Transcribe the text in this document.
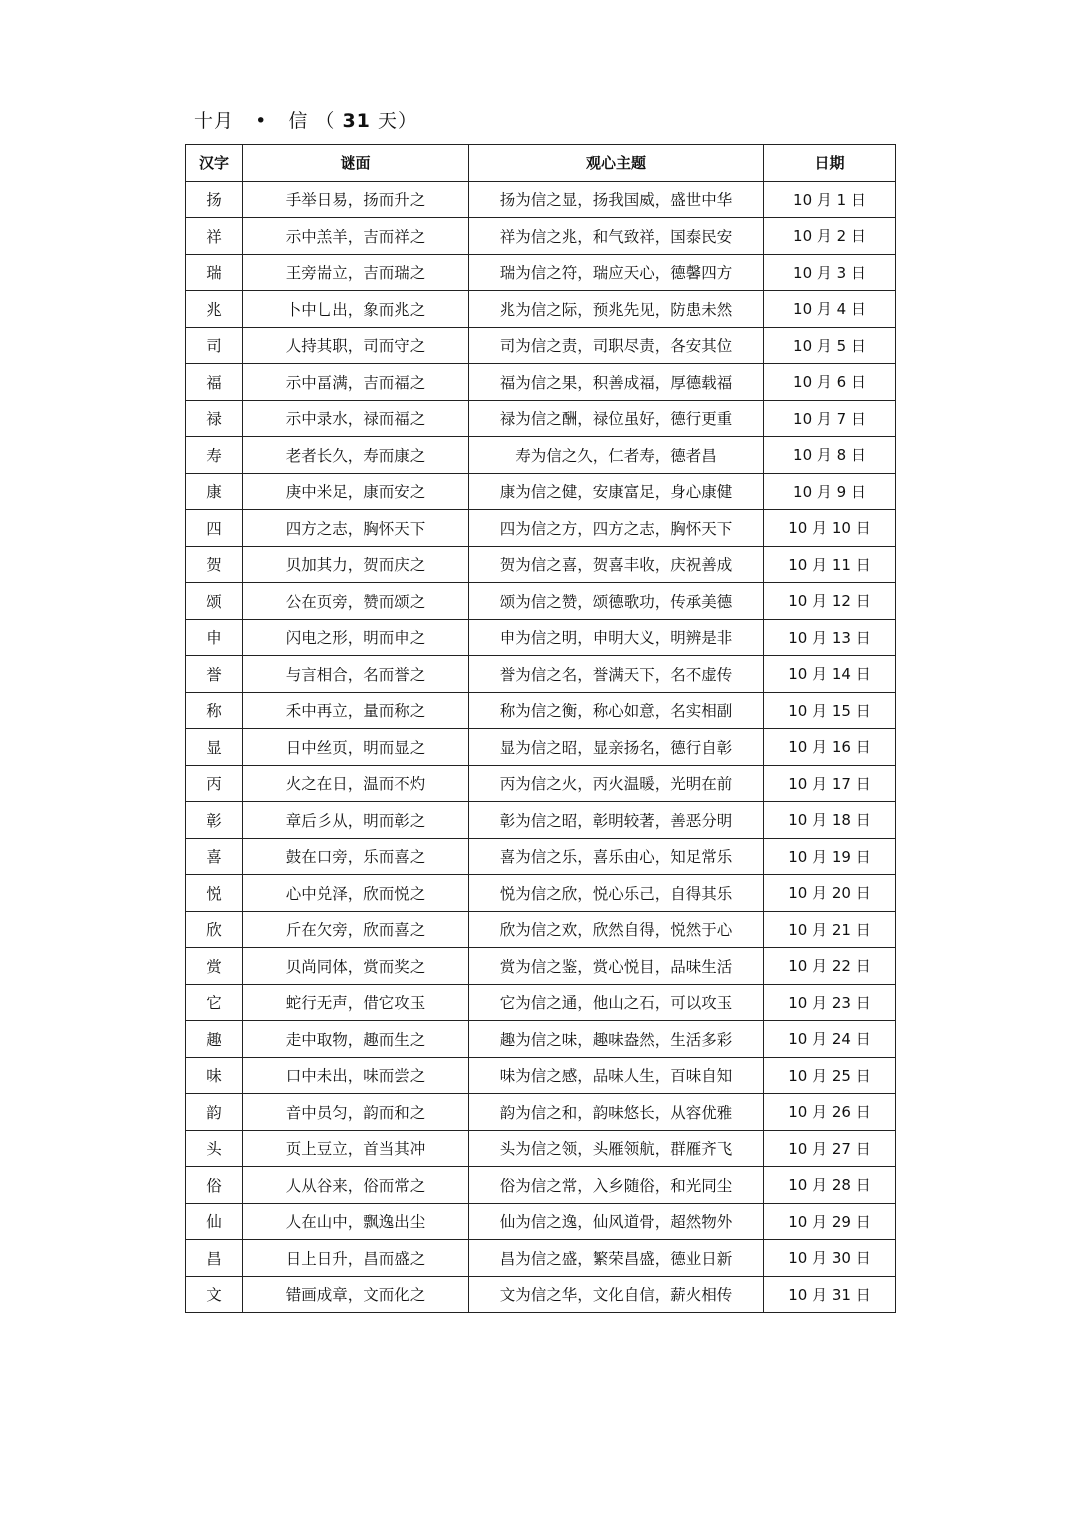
十月 • 信 （ 31 天）
汉字	谜面	观心主题	日期
扬	手举日易，扬而升之	扬为信之显，扬我国威，盛世中华	10 月 1 日
祥	示中羔羊，吉而祥之	祥为信之兆，和气致祥，国泰民安	10 月 2 日
瑞	王旁耑立，吉而瑞之	瑞为信之符，瑞应天心，德馨四方	10 月 3 日
兆	卜中乚出，象而兆之	兆为信之际，预兆先见，防患未然	10 月 4 日
司	人持其职，司而守之	司为信之责，司职尽责，各安其位	10 月 5 日
福	示中畐满，吉而福之	福为信之果，积善成福，厚德载福	10 月 6 日
禄	示中录水，禄而福之	禄为信之酬，禄位虽好，德行更重	10 月 7 日
寿	老者长久，寿而康之	寿为信之久，仁者寿，德者昌	10 月 8 日
康	庚中米足，康而安之	康为信之健，安康富足，身心康健	10 月 9 日
四	四方之志，胸怀天下	四为信之方，四方之志，胸怀天下	10 月 10 日
贺	贝加其力，贺而庆之	贺为信之喜，贺喜丰收，庆祝善成	10 月 11 日
颂	公在页旁，赞而颂之	颂为信之赞，颂德歌功，传承美德	10 月 12 日
申	闪电之形，明而申之	申为信之明，申明大义，明辨是非	10 月 13 日
誉	与言相合，名而誉之	誉为信之名，誉满天下，名不虚传	10 月 14 日
称	禾中再立，量而称之	称为信之衡，称心如意，名实相副	10 月 15 日
显	日中丝页，明而显之	显为信之昭，显亲扬名，德行自彰	10 月 16 日
丙	火之在日，温而不灼	丙为信之火，丙火温暖，光明在前	10 月 17 日
彰	章后彡从，明而彰之	彰为信之昭，彰明较著，善恶分明	10 月 18 日
喜	鼓在口旁，乐而喜之	喜为信之乐，喜乐由心，知足常乐	10 月 19 日
悦	心中兑泽，欣而悦之	悦为信之欣，悦心乐己，自得其乐	10 月 20 日
欣	斤在欠旁，欣而喜之	欣为信之欢，欣然自得，悦然于心	10 月 21 日
赏	贝尚同体，赏而奖之	赏为信之鉴，赏心悦目，品味生活	10 月 22 日
它	蛇行无声，借它攻玉	它为信之通，他山之石，可以攻玉	10 月 23 日
趣	走中取物，趣而生之	趣为信之味，趣味盎然，生活多彩	10 月 24 日
味	口中未出，味而尝之	味为信之感，品味人生，百味自知	10 月 25 日
韵	音中员匀，韵而和之	韵为信之和，韵味悠长，从容优雅	10 月 26 日
头	页上豆立，首当其冲	头为信之领，头雁领航，群雁齐飞	10 月 27 日
俗	人从谷来，俗而常之	俗为信之常，入乡随俗，和光同尘	10 月 28 日
仙	人在山中，飘逸出尘	仙为信之逸，仙风道骨，超然物外	10 月 29 日
昌	日上日升，昌而盛之	昌为信之盛，繁荣昌盛，德业日新	10 月 30 日
文	错画成章，文而化之	文为信之华，文化自信，薪火相传	10 月 31 日
